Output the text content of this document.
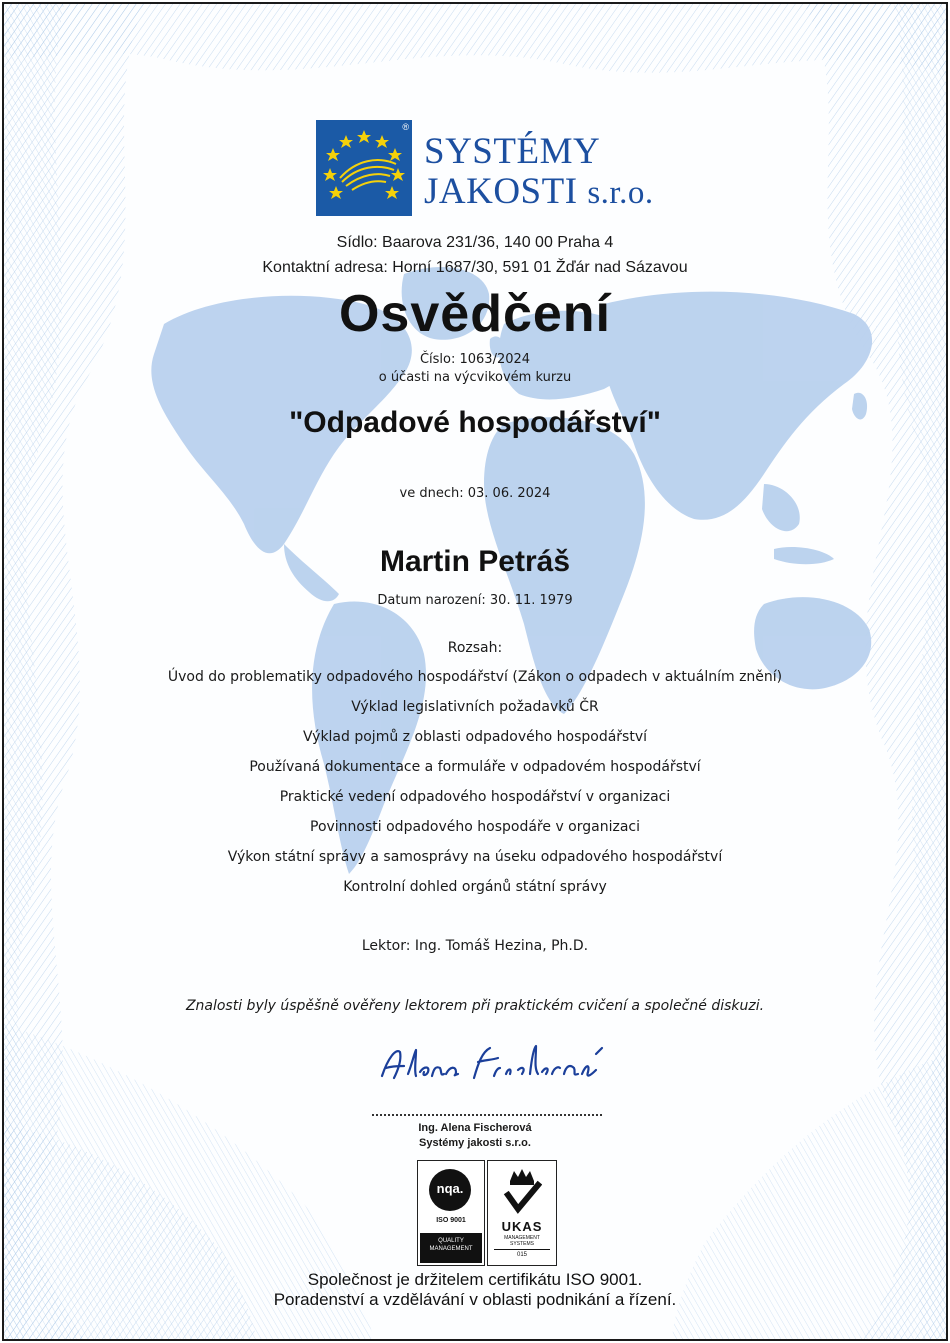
®
SYSTÉMY
JAKOSTI s.r.o.
Sídlo: Baarova 231/36, 140 00 Praha 4
Kontaktní adresa: Horní 1687/30, 591 01 Žďár nad Sázavou
Osvědčení
Číslo: 1063/2024
o účasti na výcvikovém kurzu
"Odpadové hospodářství"
ve dnech: 03. 06. 2024
Martin Petráš
Datum narození: 30. 11. 1979
Rozsah:
Úvod do problematiky odpadového hospodářství (Zákon o odpadech v aktuálním znění)
Výklad legislativních požadavků ČR
Výklad pojmů z oblasti odpadového hospodářství
Používaná dokumentace a formuláře v odpadovém hospodářství
Praktické vedení odpadového hospodářství v organizaci
Povinnosti odpadového hospodáře v organizaci
Výkon státní správy a samosprávy na úseku odpadového hospodářství
Kontrolní dohled orgánů státní správy
Lektor: Ing. Tomáš Hezina, Ph.D.
Znalosti byly úspěšně ověřeny lektorem při praktickém cvičení a společné diskuzi.
Ing. Alena Fischerová
Systémy jakosti s.r.o.
nqa.
ISO 9001
QUALITY
MANAGEMENT
UKAS
MANAGEMENT
SYSTEMS
015
Společnost je držitelem certifikátu ISO 9001.
Poradenství a vzdělávání v oblasti podnikání a řízení.
